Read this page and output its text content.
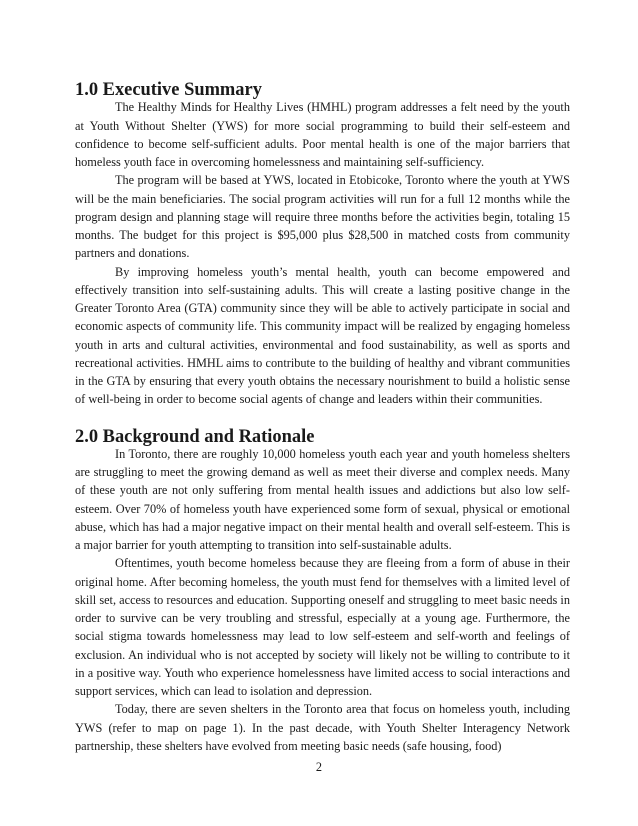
1.0 Executive Summary

The Healthy Minds for Healthy Lives (HMHL) program addresses a felt need by the youth at Youth Without Shelter (YWS) for more social programming to build their self-esteem and confidence to become self-sufficient adults. Poor mental health is one of the major barriers that homeless youth face in overcoming homelessness and maintaining self-sufficiency.

The program will be based at YWS, located in Etobicoke, Toronto where the youth at YWS will be the main beneficiaries. The social program activities will run for a full 12 months while the program design and planning stage will require three months before the activities begin, totaling 15 months. The budget for this project is $95,000 plus $28,500 in matched costs from community partners and donations.

By improving homeless youth’s mental health, youth can become empowered and effectively transition into self-sustaining adults. This will create a lasting positive change in the Greater Toronto Area (GTA) community since they will be able to actively participate in social and economic aspects of community life. This community impact will be realized by engaging homeless youth in arts and cultural activities, environmental and food sustainability, as well as sports and recreational activities. HMHL aims to contribute to the building of healthy and vibrant communities in the GTA by ensuring that every youth obtains the necessary nourishment to build a holistic sense of well-being in order to become social agents of change and leaders within their communities.

2.0 Background and Rationale

In Toronto, there are roughly 10,000 homeless youth each year and youth homeless shelters are struggling to meet the growing demand as well as meet their diverse and complex needs. Many of these youth are not only suffering from mental health issues and addictions but also low self-esteem. Over 70% of homeless youth have experienced some form of sexual, physical or emotional abuse, which has had a major negative impact on their mental health and overall self-esteem. This is a major barrier for youth attempting to transition into self-sustainable adults.

Oftentimes, youth become homeless because they are fleeing from a form of abuse in their original home. After becoming homeless, the youth must fend for themselves with a limited level of skill set, access to resources and education. Supporting oneself and struggling to meet basic needs in order to survive can be very troubling and stressful, especially at a young age. Furthermore, the social stigma towards homelessness may lead to low self-esteem and self-worth and feelings of exclusion. An individual who is not accepted by society will likely not be willing to contribute to it in a positive way. Youth who experience homelessness have limited access to social interactions and support services, which can lead to isolation and depression.

Today, there are seven shelters in the Toronto area that focus on homeless youth, including YWS (refer to map on page 1). In the past decade, with Youth Shelter Interagency Network partnership, these shelters have evolved from meeting basic needs (safe housing, food)

2
